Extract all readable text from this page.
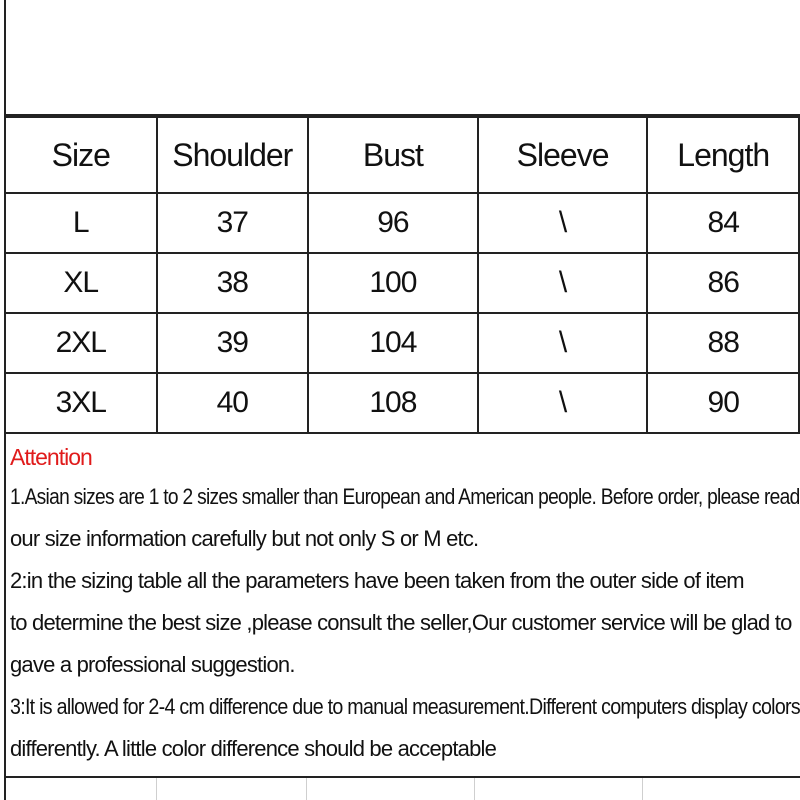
Size	Shoulder	Bust	Sleeve	Length
L	37	96	\	84
XL	38	100	\	86
2XL	39	104	\	88
3XL	40	108	\	90
Attention
1.Asian sizes are 1 to 2 sizes smaller than European and American people. Before order, please read
our size information carefully but not only S or M etc.
2:in the sizing table all the parameters have been taken from the outer side of item
to determine the best size ,please consult the seller,Our customer service will be glad to
gave a professional suggestion.
3:It is allowed for 2-4 cm difference due to manual measurement.Different computers display colors
differently. A little color difference should be acceptable
